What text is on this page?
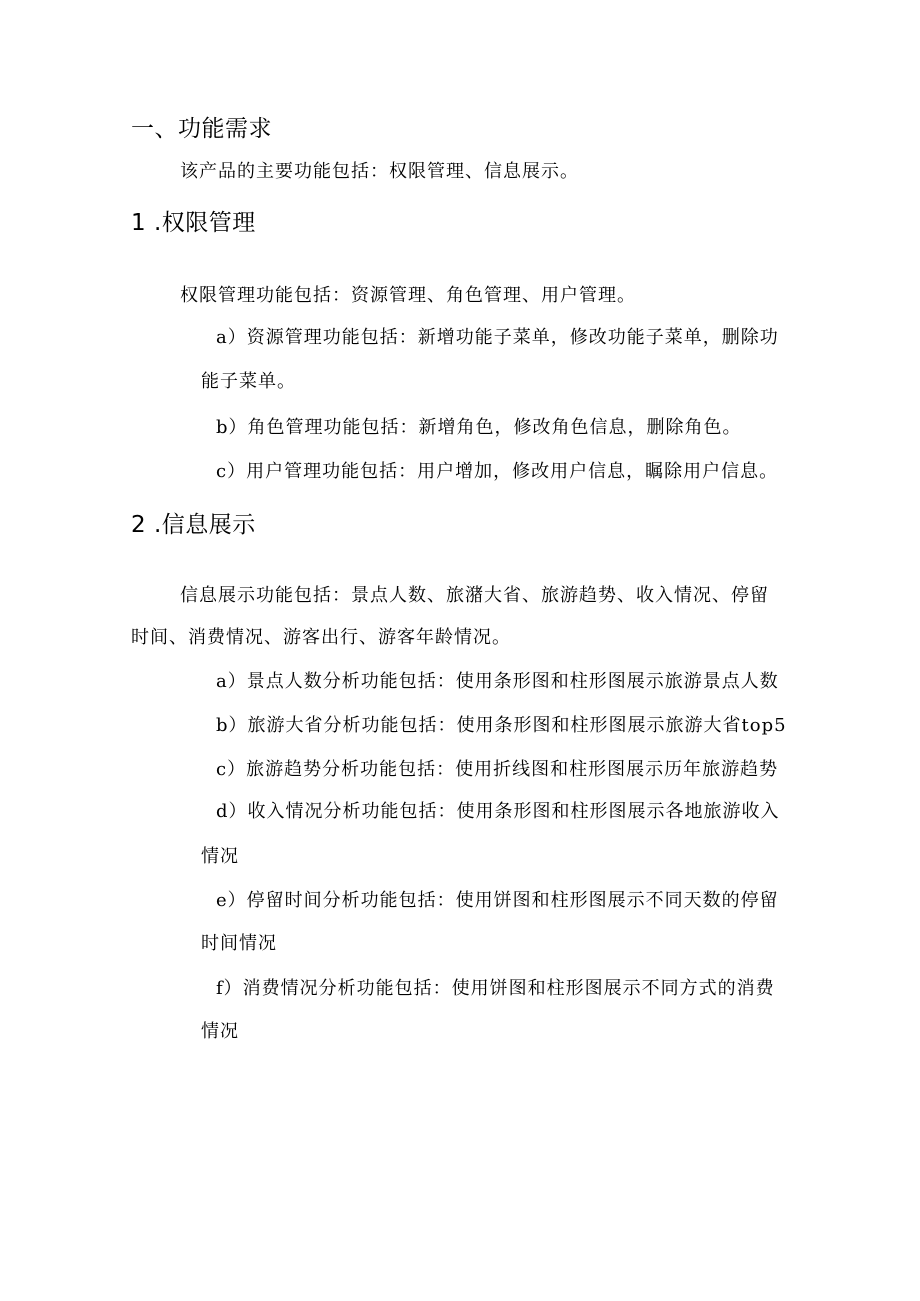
一、功能需求
该产品的主要功能包括：权限管理、信息展示。
1 .权限管理
权限管理功能包括：资源管理、角色管理、用户管理。
a）资源管理功能包括：新增功能子菜单，修改功能子菜单，删除功
能子菜单。
b）角色管理功能包括：新增角色，修改角色信息，删除角色。
c）用户管理功能包括：用户增加，修改用户信息，瞩除用户信息。
2 .信息展示
信息展示功能包括：景点人数、旅潴大省、旅游趋势、收入情况、停留
时间、消费情况、游客出行、游客年龄情况。
a）景点人数分析功能包括：使用条形图和柱形图展示旅游景点人数
b）旅游大省分析功能包括：使用条形图和柱形图展示旅游大省top5
c）旅游趋势分析功能包括：使用折线图和柱形图展示历年旅游趋势
d）收入情况分析功能包括：使用条形图和柱形图展示各地旅游收入
情况
e）停留时间分析功能包括：使用饼图和柱形图展示不同天数的停留
时间情况
f）消费情况分析功能包括：使用饼图和柱形图展示不同方式的消费
情况
